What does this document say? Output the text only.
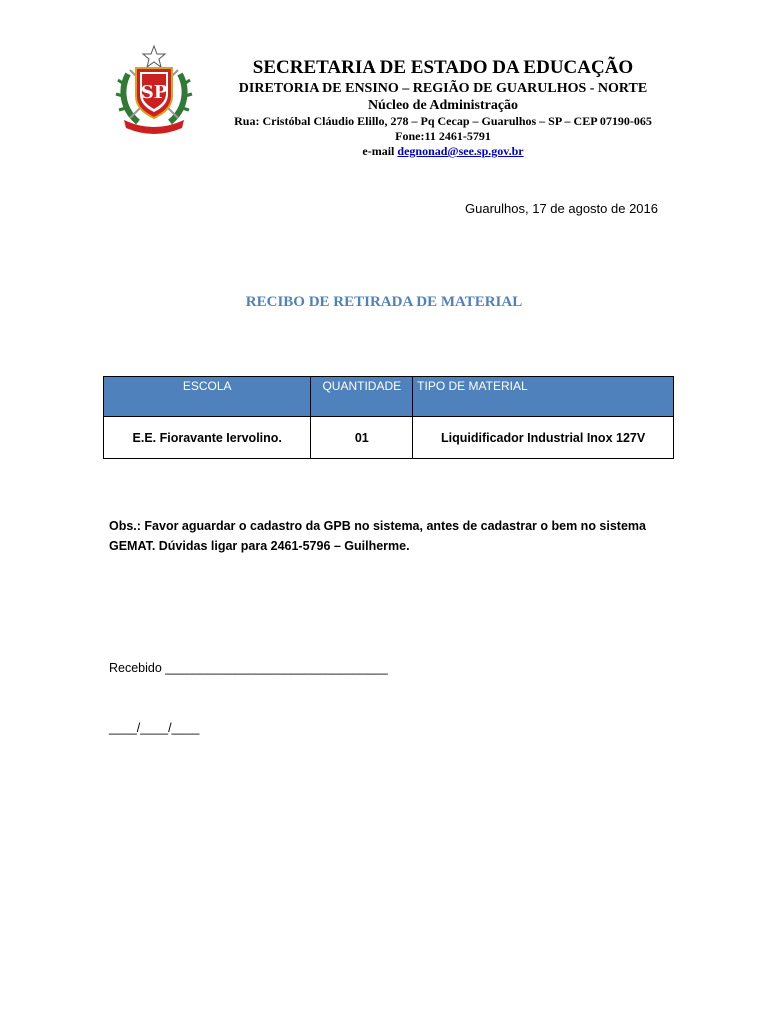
SP
SECRETARIA DE ESTADO DA EDUCAÇÃO
DIRETORIA DE ENSINO – REGIÃO DE GUARULHOS - NORTE
Núcleo de Administração
Rua: Cristóbal Cláudio Elillo, 278 – Pq Cecap – Guarulhos – SP – CEP 07190-065
Fone:11 2461-5791
e-mail degnonad@see.sp.gov.br
Guarulhos, 17 de agosto de 2016
RECIBO DE RETIRADA DE MATERIAL
ESCOLA	QUANTIDADE	TIPO DE MATERIAL
E.E. Fioravante Iervolino.	01	Liquidificador Industrial Inox 127V
Obs.: Favor aguardar o cadastro da GPB no sistema, antes de cadastrar o bem no sistema GEMAT. Dúvidas ligar para 2461-5796 – Guilherme.
Recebido ________________________________
____/____/____
